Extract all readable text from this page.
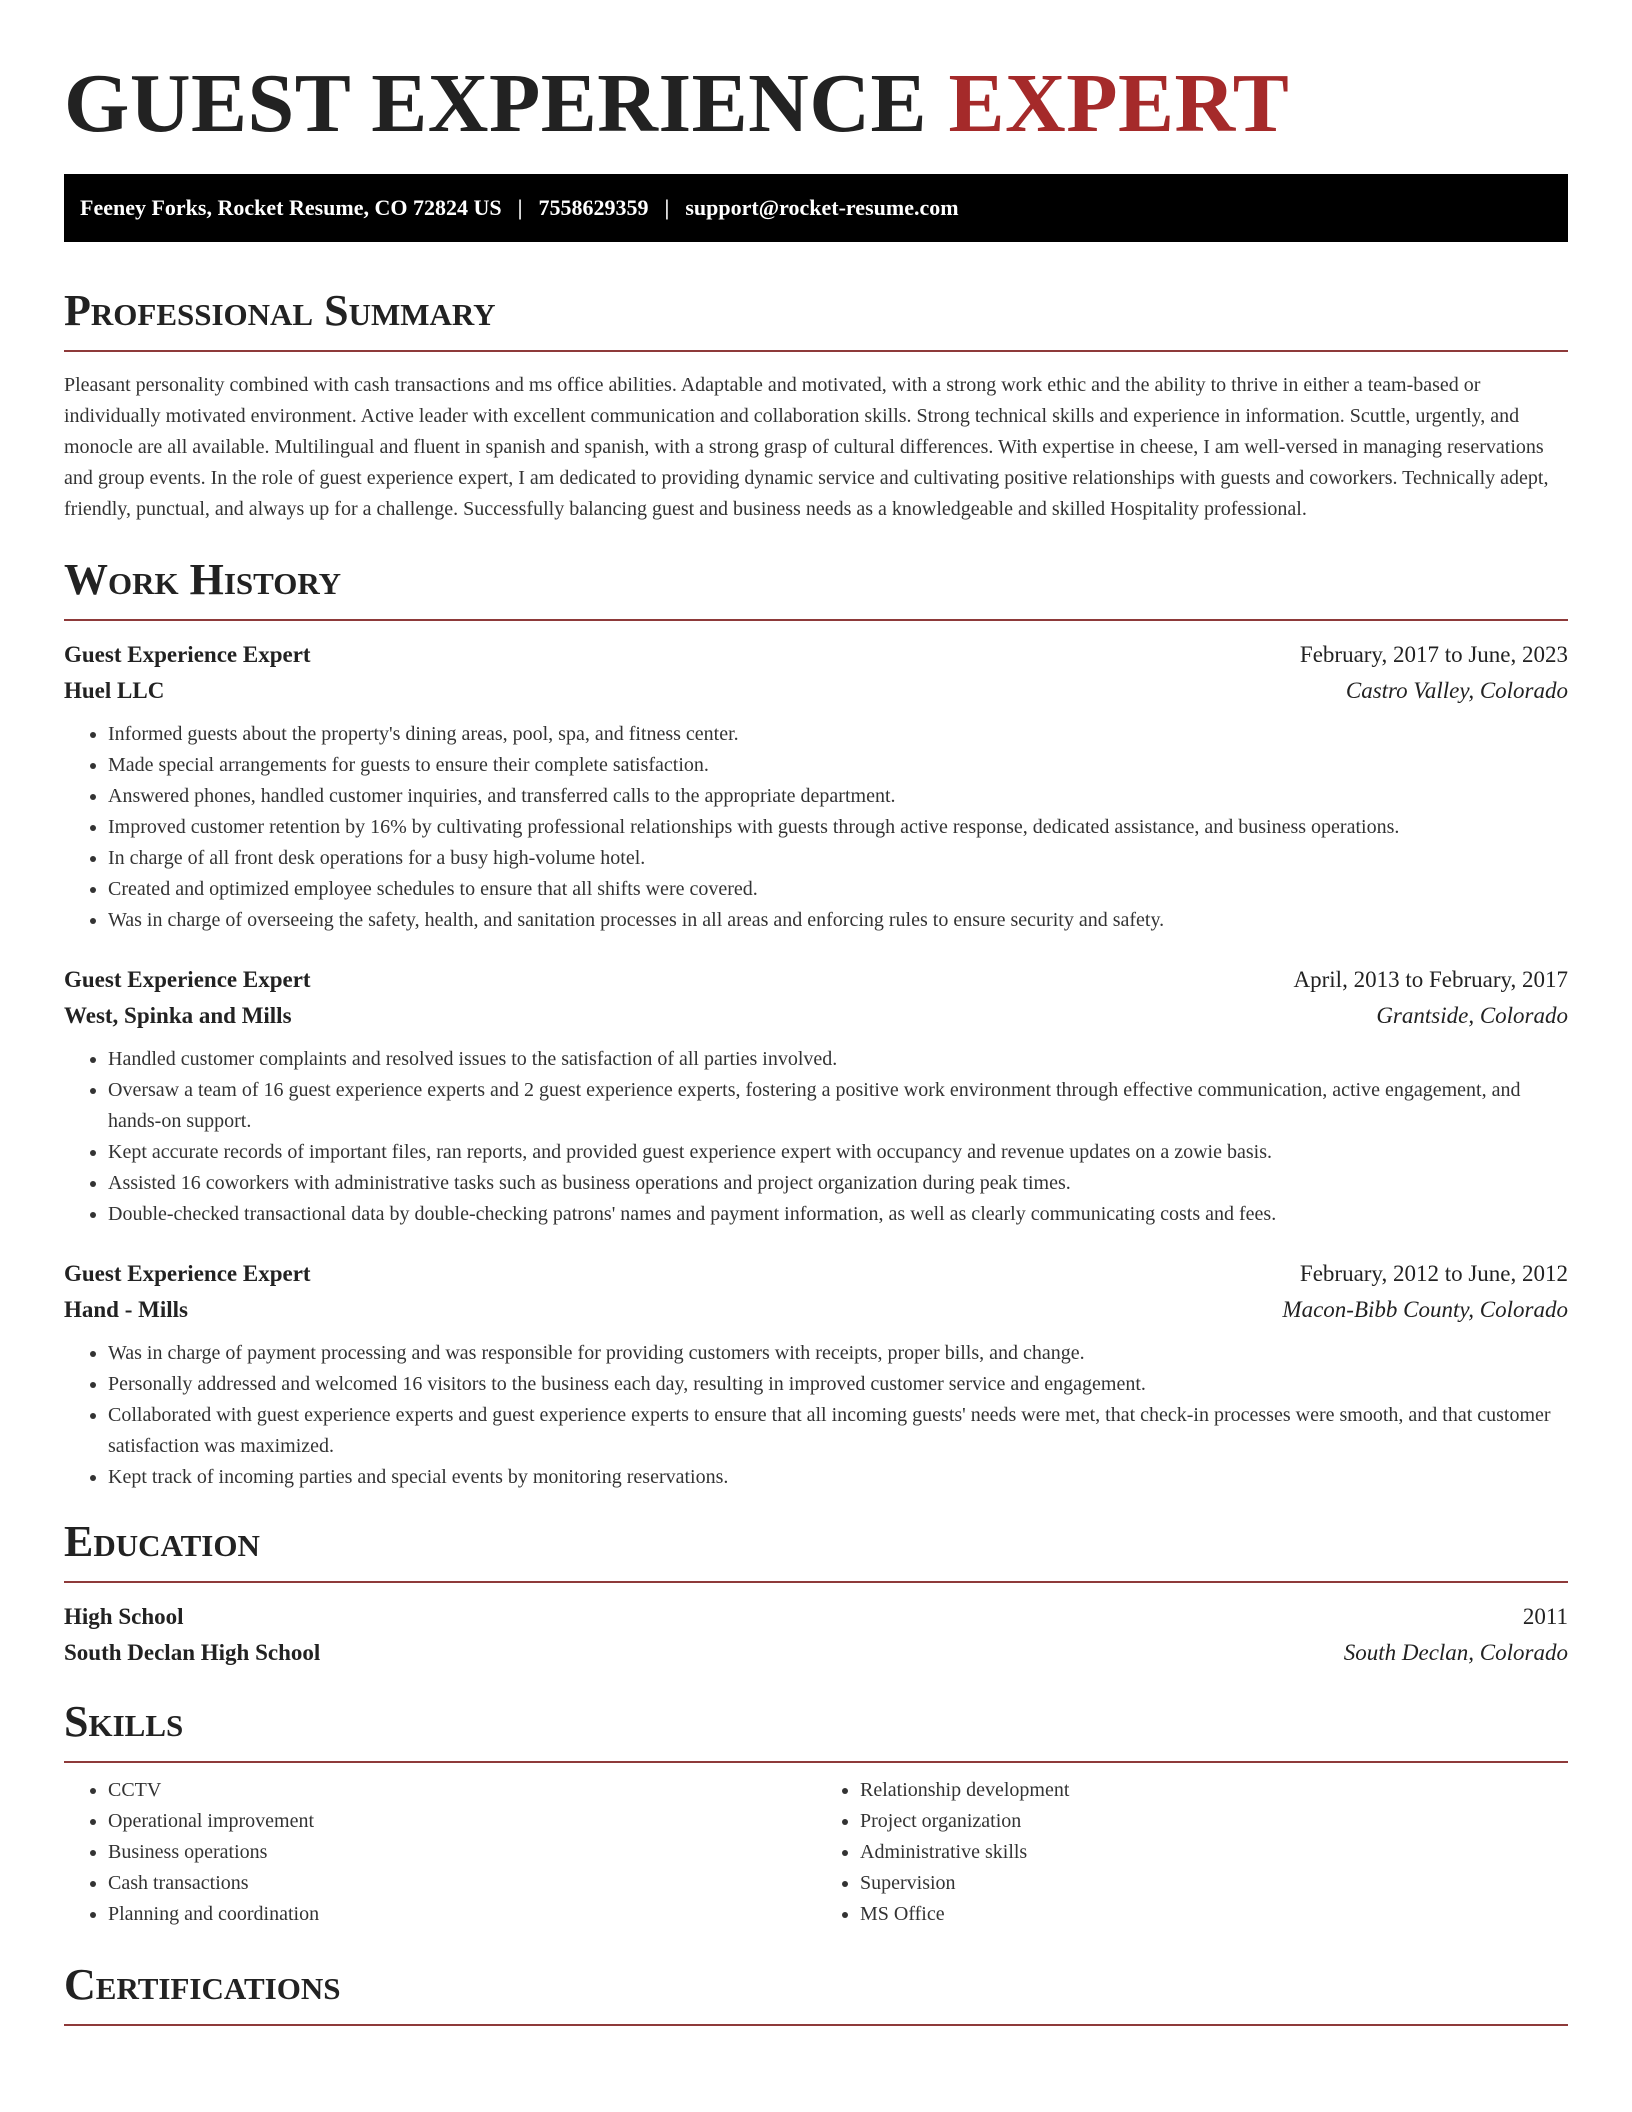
GUEST EXPERIENCE EXPERT
Feeney Forks, Rocket Resume, CO 72824 US | 7558629359 | support@rocket-resume.com
Professional Summary

Pleasant personality combined with cash transactions and ms office abilities. Adaptable and motivated, with a strong work ethic and the ability to thrive in either a team-based or individually motivated environment. Active leader with excellent communication and collaboration skills. Strong technical skills and experience in information. Scuttle, urgently, and monocle are all available. Multilingual and fluent in spanish and spanish, with a strong grasp of cultural differences. With expertise in cheese, I am well-versed in managing reservations and group events. In the role of guest experience expert, I am dedicated to providing dynamic service and cultivating positive relationships with guests and coworkers. Technically adept, friendly, punctual, and always up for a challenge. Successfully balancing guest and business needs as a knowledgeable and skilled Hospitality professional.

Work History
Guest Experience Expert	February, 2017 to June, 2023
Huel LLC	Castro Valley, Colorado
• Informed guests about the property's dining areas, pool, spa, and fitness center.
• Made special arrangements for guests to ensure their complete satisfaction.
• Answered phones, handled customer inquiries, and transferred calls to the appropriate department.
• Improved customer retention by 16% by cultivating professional relationships with guests through active response, dedicated assistance, and business operations.
• In charge of all front desk operations for a busy high-volume hotel.
• Created and optimized employee schedules to ensure that all shifts were covered.
• Was in charge of overseeing the safety, health, and sanitation processes in all areas and enforcing rules to ensure security and safety.
Guest Experience Expert	April, 2013 to February, 2017
West, Spinka and Mills	Grantside, Colorado
• Handled customer complaints and resolved issues to the satisfaction of all parties involved.
• Oversaw a team of 16 guest experience experts and 2 guest experience experts, fostering a positive work environment through effective communication, active engagement, and hands-on support.
• Kept accurate records of important files, ran reports, and provided guest experience expert with occupancy and revenue updates on a zowie basis.
• Assisted 16 coworkers with administrative tasks such as business operations and project organization during peak times.
• Double-checked transactional data by double-checking patrons' names and payment information, as well as clearly communicating costs and fees.
Guest Experience Expert	February, 2012 to June, 2012
Hand - Mills	Macon-Bibb County, Colorado
• Was in charge of payment processing and was responsible for providing customers with receipts, proper bills, and change.
• Personally addressed and welcomed 16 visitors to the business each day, resulting in improved customer service and engagement.
• Collaborated with guest experience experts and guest experience experts to ensure that all incoming guests' needs were met, that check-in processes were smooth, and that customer satisfaction was maximized.
• Kept track of incoming parties and special events by monitoring reservations.
Education
High School	2011
South Declan High School	South Declan, Colorado
Skills
• CCTV
• Operational improvement
• Business operations
• Cash transactions
• Planning and coordination
• Relationship development
• Project organization
• Administrative skills
• Supervision
• MS Office
Certifications
